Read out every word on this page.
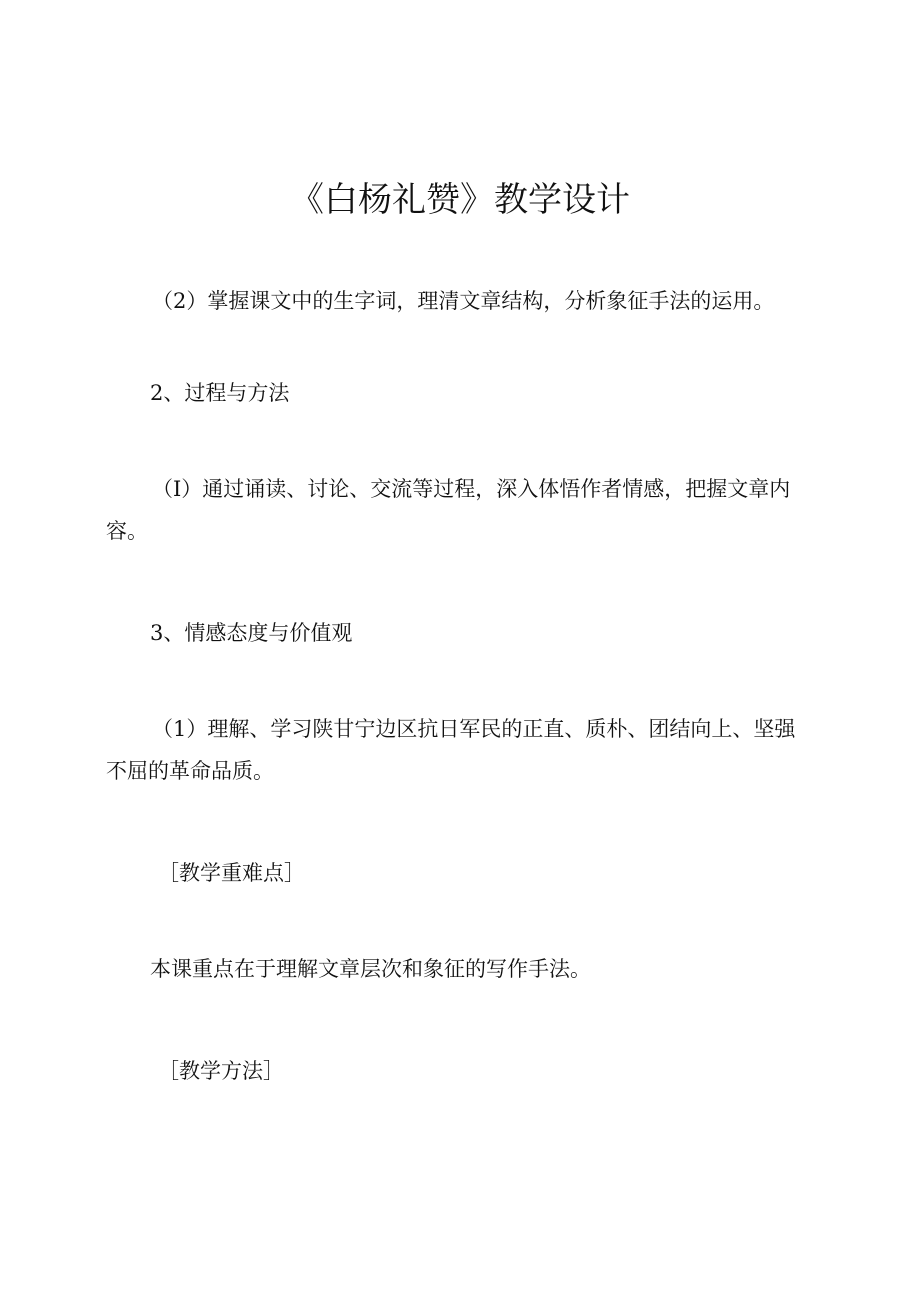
《白杨礼赞》教学设计

（2）掌握课文中的生字词，理清文章结构，分析象征手法的运用。

2、过程与方法

（I）通过诵读、讨论、交流等过程，深入体悟作者情感，把握文章内容。

3、情感态度与价值观

（1）理解、学习陕甘宁边区抗日军民的正直、质朴、团结向上、坚强不屈的革命品质。

［教学重难点］

本课重点在于理解文章层次和象征的写作手法。

［教学方法］
